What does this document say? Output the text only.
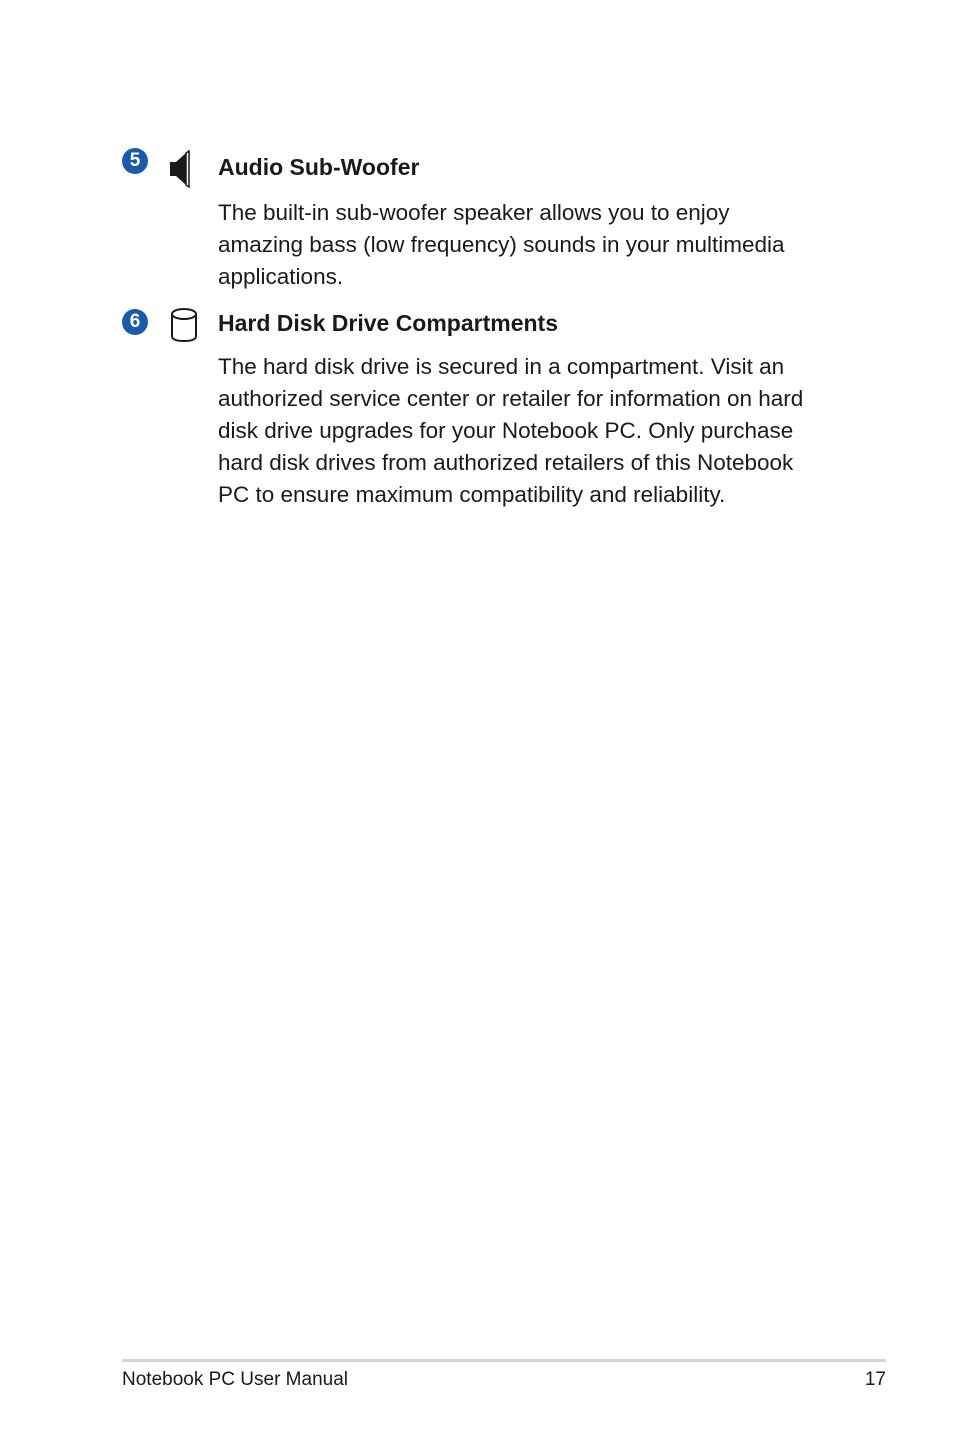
5	Audio Sub-Woofer
The built-in sub-woofer speaker allows you to enjoy
amazing bass (low frequency) sounds in your multimedia
applications.
6	Hard Disk Drive Compartments
The hard disk drive is secured in a compartment. Visit an
authorized service center or retailer for information on hard
disk drive upgrades for your Notebook PC. Only purchase
hard disk drives from authorized retailers of this Notebook
PC to ensure maximum compatibility and reliability.
Notebook PC User Manual	17
